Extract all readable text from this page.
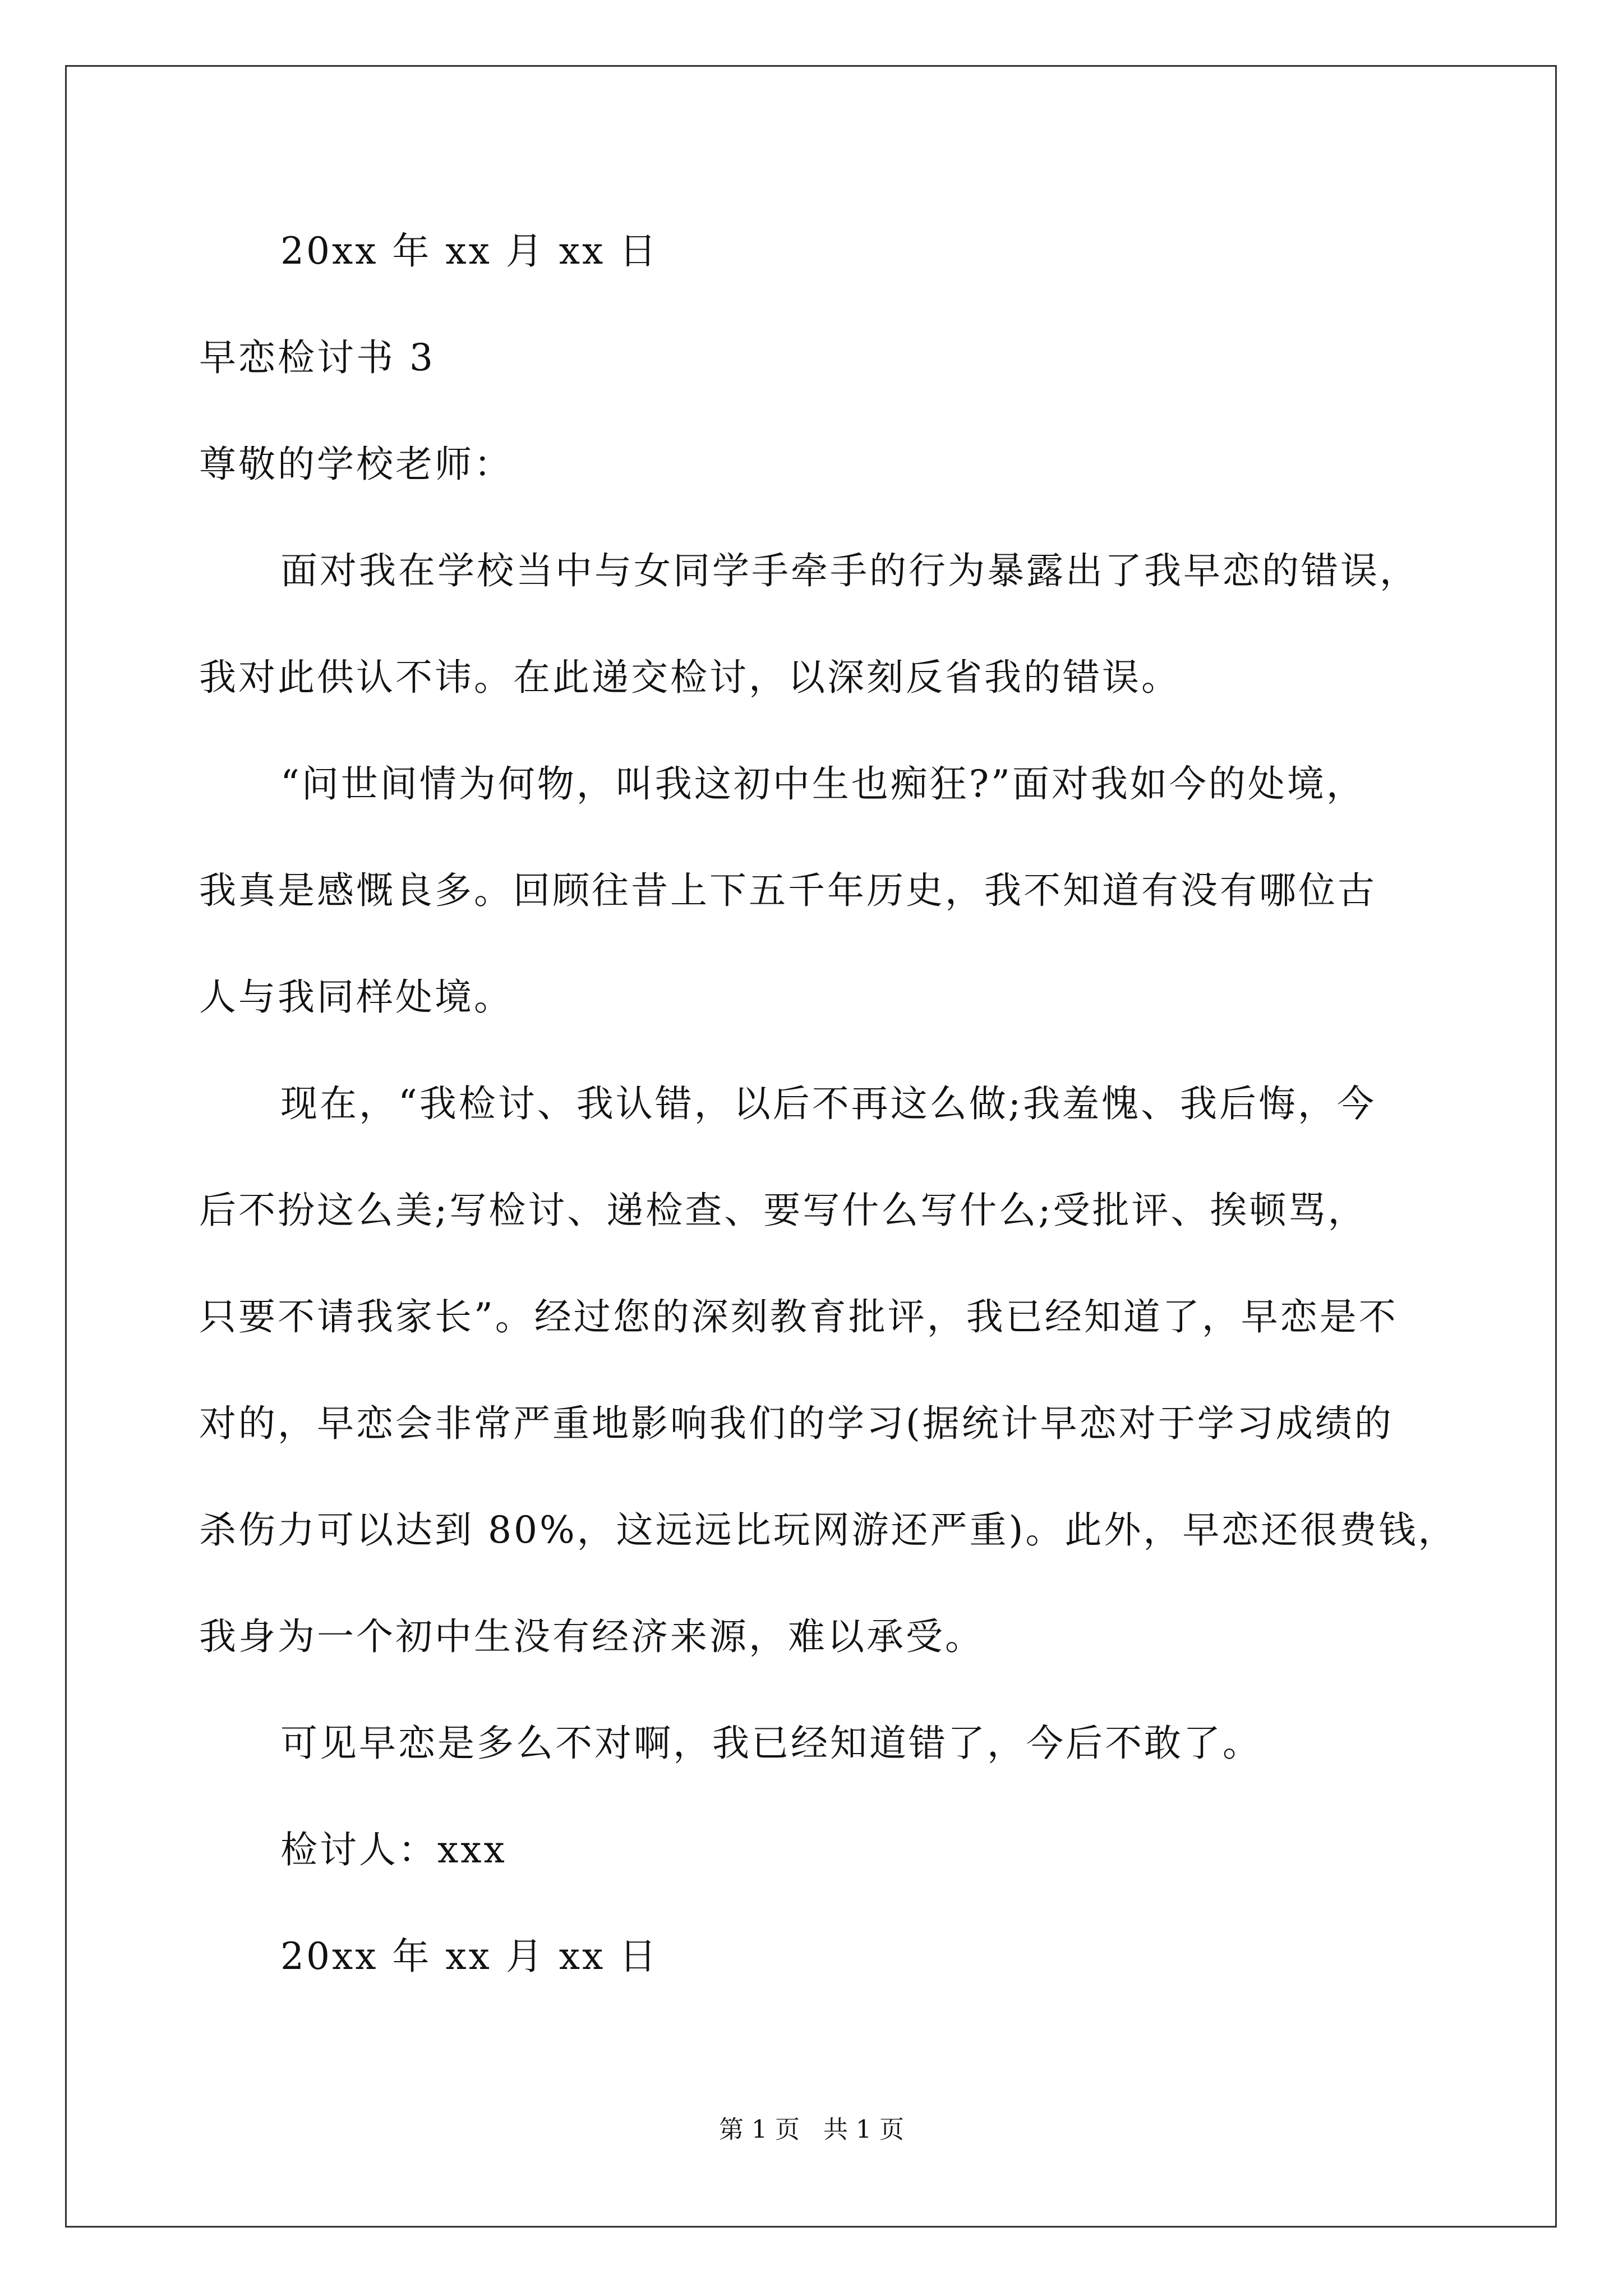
20xx 年 xx 月 xx 日
早恋检讨书 3
尊敬的学校老师：
面对我在学校当中与女同学手牵手的行为暴露出了我早恋的错误，
我对此供认不讳。在此递交检讨，以深刻反省我的错误。
“问世间情为何物，叫我这初中生也痴狂?”面对我如今的处境，
我真是感慨良多。回顾往昔上下五千年历史，我不知道有没有哪位古
人与我同样处境。
现在，“我检讨、我认错，以后不再这么做;我羞愧、我后悔，今
后不扮这么美;写检讨、递检查、要写什么写什么;受批评、挨顿骂，
只要不请我家长”。经过您的深刻教育批评，我已经知道了，早恋是不
对的，早恋会非常严重地影响我们的学习(据统计早恋对于学习成绩的
杀伤力可以达到 80%，这远远比玩网游还严重)。此外，早恋还很费钱，
我身为一个初中生没有经济来源，难以承受。
可见早恋是多么不对啊，我已经知道错了，今后不敢了。
检讨人：xxx
20xx 年 xx 月 xx 日
第 1 页   共 1 页
